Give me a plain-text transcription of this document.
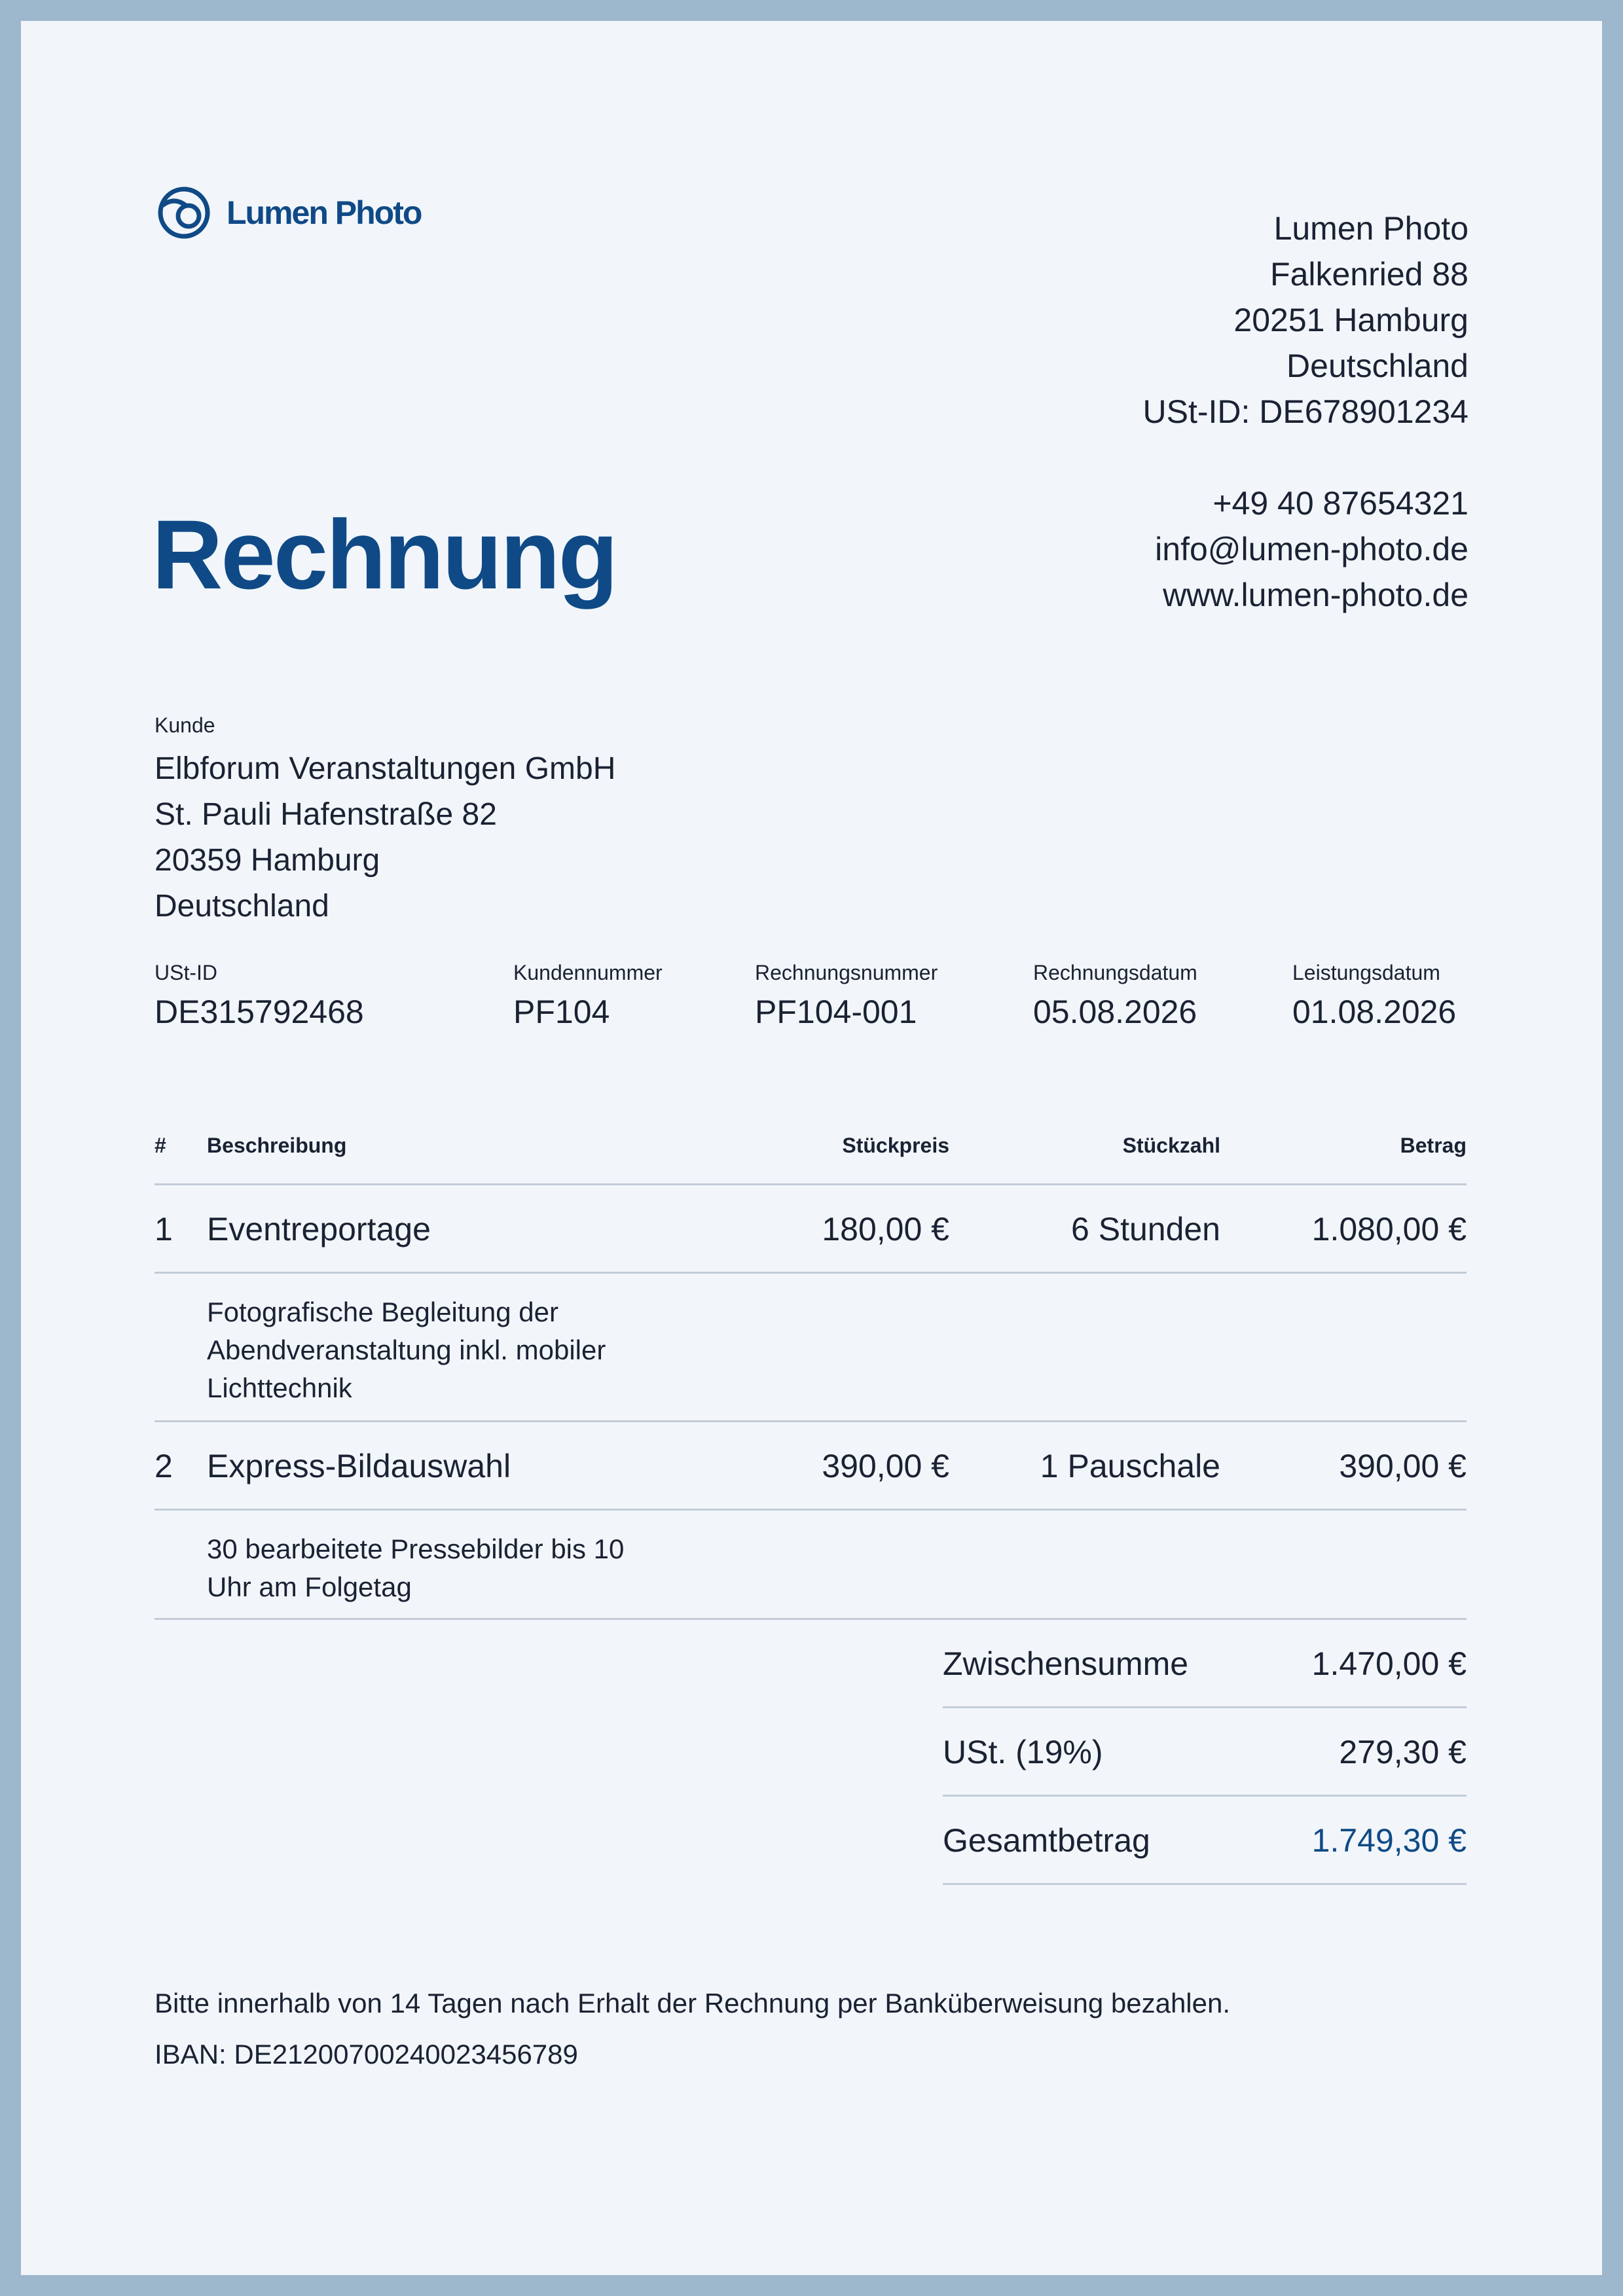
Lumen Photo	Lumen Photo
Falkenried 88
20251 Hamburg
Deutschland
USt-ID: DE678901234
+49 40 87654321
info@lumen-photo.de
www.lumen-photo.de
Rechnung
Kunde
Elbforum Veranstaltungen GmbH
St. Pauli Hafenstraße 82
20359 Hamburg
Deutschland
USt-ID
DE315792468
Kundennummer
PF104
Rechnungsnummer
PF104-001
Rechnungsdatum
05.08.2026
Leistungsdatum
01.08.2026
# Beschreibung	Stückpreis	Stückzahl	Betrag
1 Eventreportage	180,00 €	6 Stunden	1.080,00 €
Fotografische Begleitung der
Abendveranstaltung inkl. mobiler
Lichttechnik
2 Express-Bildauswahl	390,00 €	1 Pauschale	390,00 €
30 bearbeitete Pressebilder bis 10
Uhr am Folgetag
Zwischensumme	1.470,00 €
USt. (19%)	279,30 €
Gesamtbetrag	1.749,30 €
Bitte innerhalb von 14 Tagen nach Erhalt der Rechnung per Banküberweisung bezahlen.
IBAN: DE21200700240023456789
